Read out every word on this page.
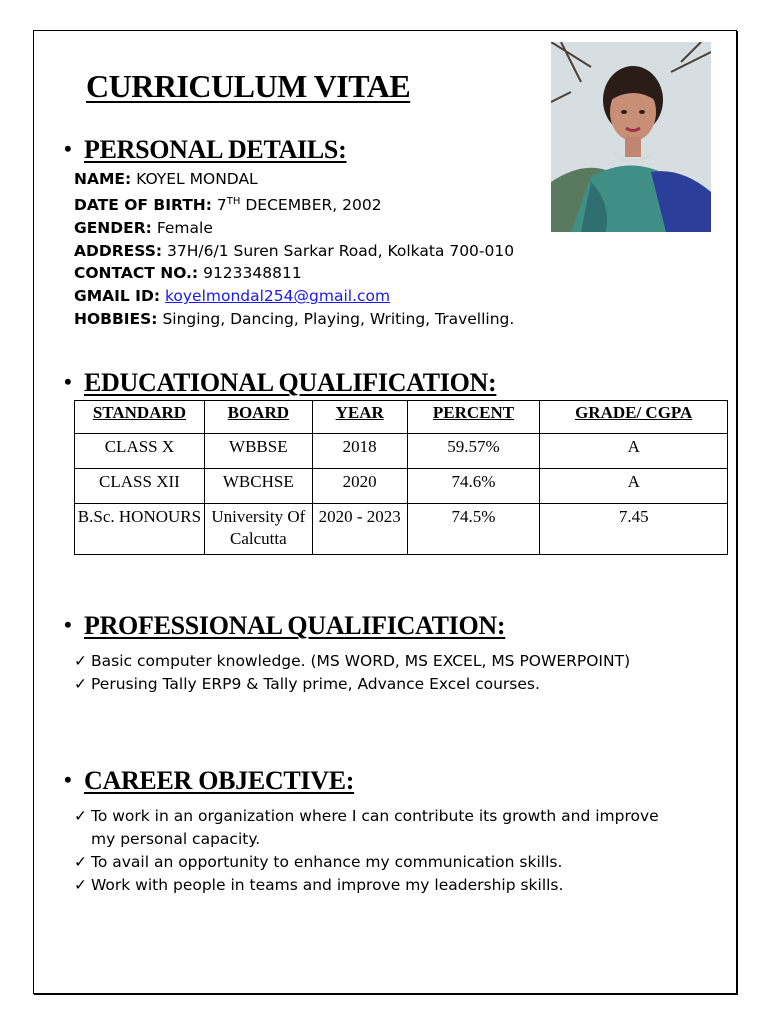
CURRICULUM VITAE
• PERSONAL DETAILS:
NAME: KOYEL MONDAL
DATE OF BIRTH: 7TH DECEMBER, 2002
GENDER: Female
ADDRESS: 37H/6/1 Suren Sarkar Road, Kolkata 700-010
CONTACT NO.: 9123348811
GMAIL ID: koyelmondal254@gmail.com
HOBBIES: Singing, Dancing, Playing, Writing, Travelling.
• EDUCATIONAL QUALIFICATION:
STANDARD	BOARD	YEAR	PERCENT	GRADE/ CGPA
CLASS X	WBBSE	2018	59.57%	A
CLASS XII	WBCHSE	2020	74.6%	A
B.Sc. HONOURS	University Of Calcutta	2020 - 2023	74.5%	7.45
• PROFESSIONAL QUALIFICATION:
✓ Basic computer knowledge. (MS WORD, MS EXCEL, MS POWERPOINT)
✓ Perusing Tally ERP9 & Tally prime, Advance Excel courses.
• CAREER OBJECTIVE:
✓ To work in an organization where I can contribute its growth and improve my personal capacity.
✓ To avail an opportunity to enhance my communication skills.
✓ Work with people in teams and improve my leadership skills.
